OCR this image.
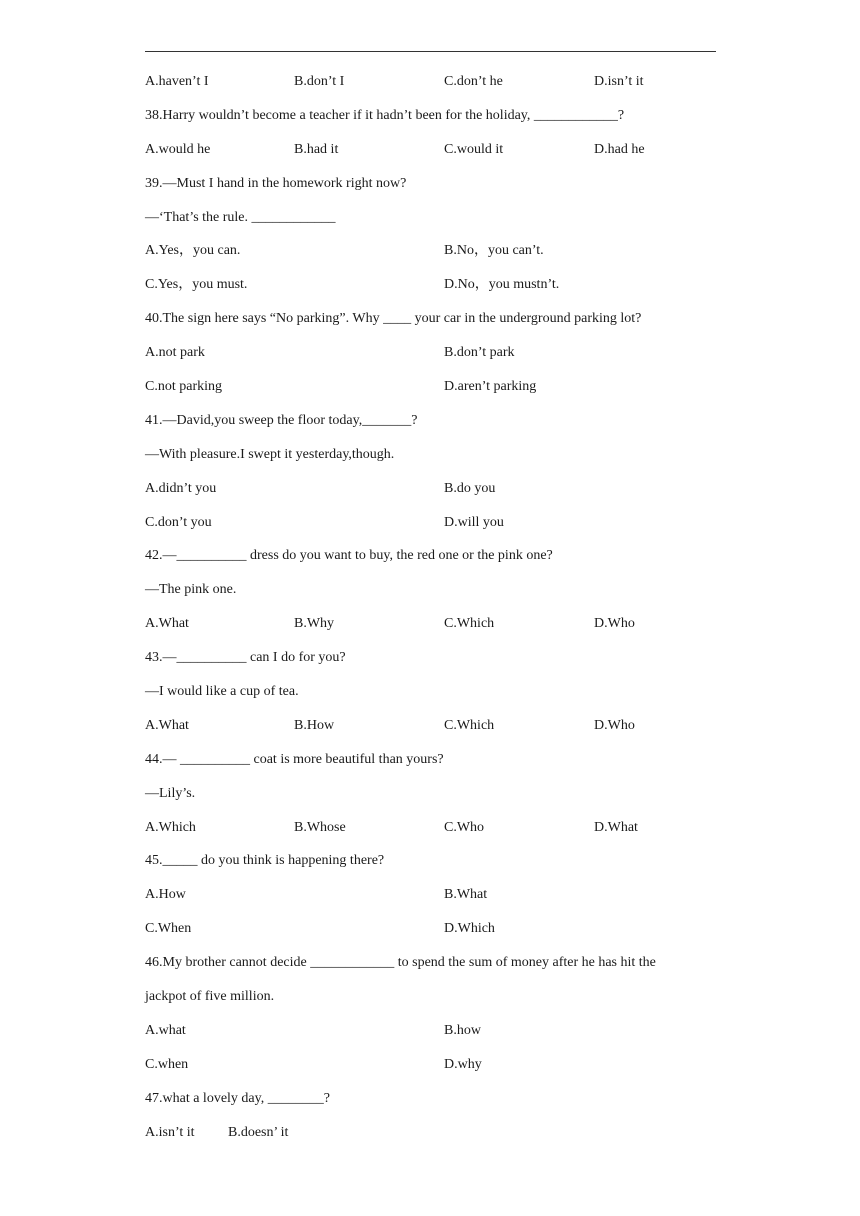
A.haven’t I	B.don’t I	C.don’t he	D.isn’t it
38.Harry wouldn’t become a teacher if it hadn’t been for the holiday, ____________?
A.would he	B.had it	C.would it	D.had he
39.—Must I hand in the homework right now?
—‘That’s the rule. ____________
A.Yes，you can.	B.No，you can’t.
C.Yes，you must.	D.No，you mustn’t.
40.The sign here says “No parking”. Why ____ your car in the underground parking lot?
A.not park	B.don’t park
C.not parking	D.aren’t parking
41.—David,you sweep the floor today,_______?
—With pleasure.I swept it yesterday,though.
A.didn’t you	B.do you
C.don’t you	D.will you
42.—__________ dress do you want to buy, the red one or the pink one?
—The pink one.
A.What	B.Why	C.Which	D.Who
43.—__________ can I do for you?
—I would like a cup of tea.
A.What	B.How	C.Which	D.Who
44.— __________ coat is more beautiful than yours?
—Lily’s.
A.Which	B.Whose	C.Who	D.What
45._____ do you think is happening there?
A.How	B.What
C.When	D.Which
46.My brother cannot decide ____________ to spend the sum of money after he has hit the
jackpot of five million.
A.what	B.how
C.when	D.why
47.what a lovely day, ________?
A.isn’t it B.doesn’ it
